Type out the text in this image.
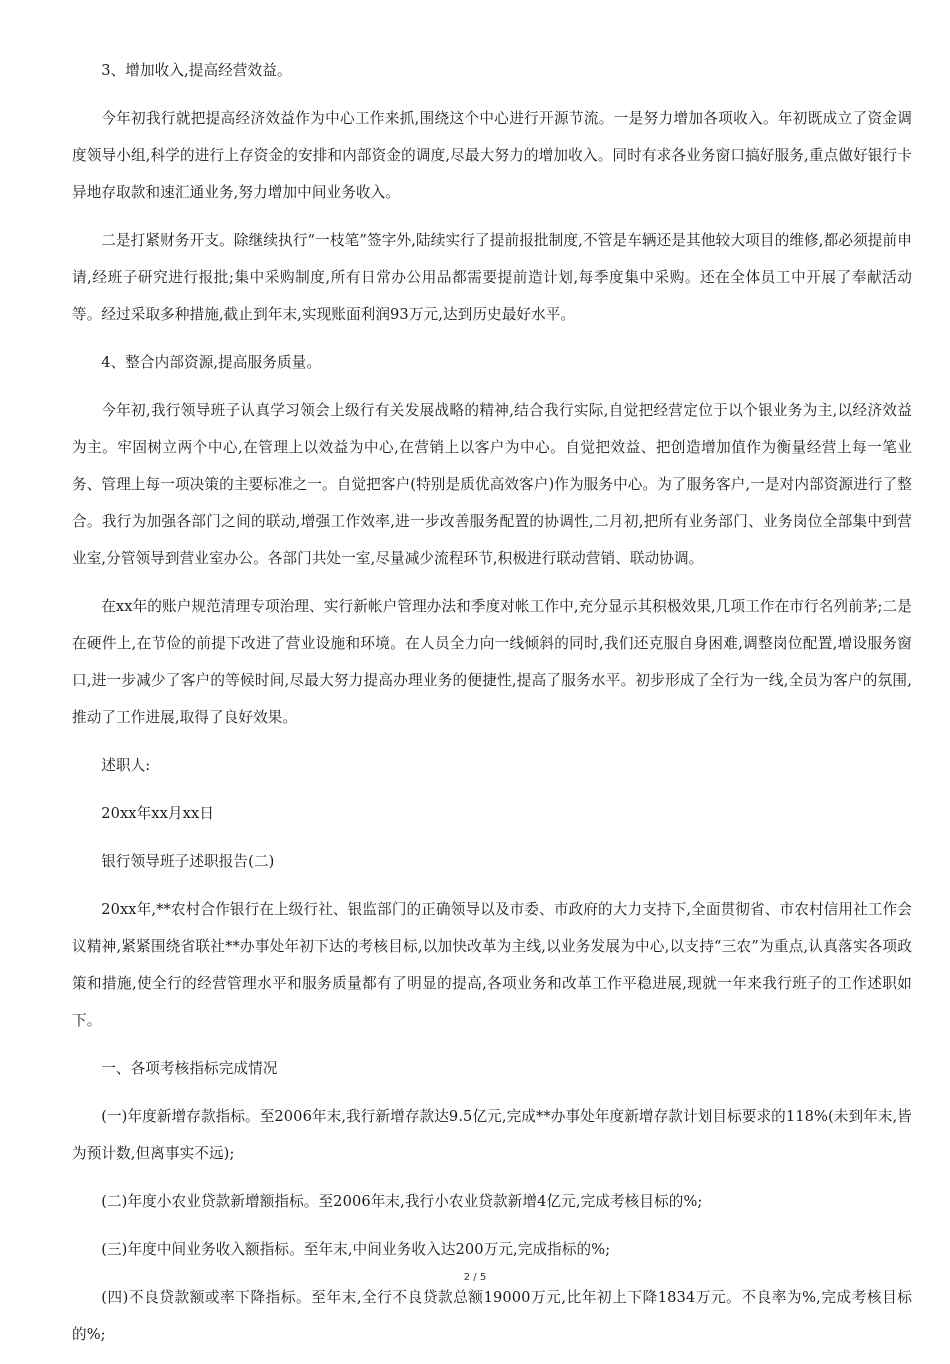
3、增加收入,提高经营效益。

今年初我行就把提高经济效益作为中心工作来抓,围绕这个中心进行开源节流。一是努力增加各项收入。年初既成立了资金调度领导小组,科学的进行上存资金的安排和内部资金的调度,尽最大努力的增加收入。同时有求各业务窗口搞好服务,重点做好银行卡异地存取款和速汇通业务,努力增加中间业务收入。

二是打紧财务开支。除继续执行“一枝笔”签字外,陆续实行了提前报批制度,不管是车辆还是其他较大项目的维修,都必须提前申请,经班子研究进行报批;集中采购制度,所有日常办公用品都需要提前造计划,每季度集中采购。还在全体员工中开展了奉献活动等。经过采取多种措施,截止到年末,实现账面利润93万元,达到历史最好水平。

4、整合内部资源,提高服务质量。

今年初,我行领导班子认真学习领会上级行有关发展战略的精神,结合我行实际,自觉把经营定位于以个银业务为主,以经济效益为主。牢固树立两个中心,在管理上以效益为中心,在营销上以客户为中心。自觉把效益、把创造增加值作为衡量经营上每一笔业务、管理上每一项决策的主要标准之一。自觉把客户(特别是质优高效客户)作为服务中心。为了服务客户,一是对内部资源进行了整合。我行为加强各部门之间的联动,增强工作效率,进一步改善服务配置的协调性,二月初,把所有业务部门、业务岗位全部集中到营业室,分管领导到营业室办公。各部门共处一室,尽量减少流程环节,积极进行联动营销、联动协调。

在xx年的账户规范清理专项治理、实行新帐户管理办法和季度对帐工作中,充分显示其积极效果,几项工作在市行名列前茅;二是在硬件上,在节俭的前提下改进了营业设施和环境。在人员全力向一线倾斜的同时,我们还克服自身困难,调整岗位配置,增设服务窗口,进一步减少了客户的等候时间,尽最大努力提高办理业务的便捷性,提高了服务水平。初步形成了全行为一线,全员为客户的氛围,推动了工作进展,取得了良好效果。

述职人:

20xx年xx月xx日

银行领导班子述职报告(二)

20xx年,**农村合作银行在上级行社、银监部门的正确领导以及市委、市政府的大力支持下,全面贯彻省、市农村信用社工作会议精神,紧紧围绕省联社**办事处年初下达的考核目标,以加快改革为主线,以业务发展为中心,以支持“三农”为重点,认真落实各项政策和措施,使全行的经营管理水平和服务质量都有了明显的提高,各项业务和改革工作平稳进展,现就一年来我行班子的工作述职如下。

一、各项考核指标完成情况

(一)年度新增存款指标。至2006年末,我行新增存款达9.5亿元,完成**办事处年度新增存款计划目标要求的118%(未到年末,皆为预计数,但离事实不远);

(二)年度小农业贷款新增额指标。至2006年末,我行小农业贷款新增4亿元,完成考核目标的%;

(三)年度中间业务收入额指标。至年末,中间业务收入达200万元,完成指标的%;

(四)不良贷款额或率下降指标。至年末,全行不良贷款总额19000万元,比年初上下降1834万元。不良率为%,完成考核目标的%;

2 / 5
